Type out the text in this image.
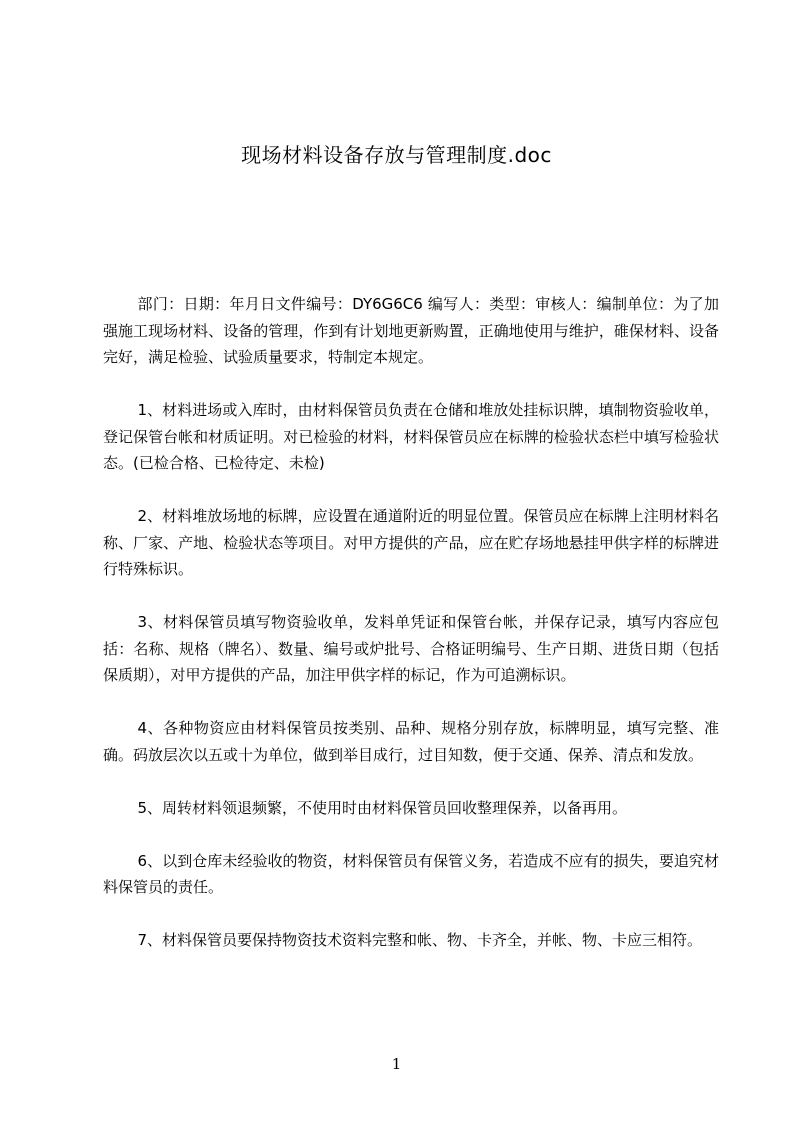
现场材料设备存放与管理制度.doc

部门：日期：年月日文件编号：DY6G6C6 编写人：类型：审核人：编制单位：为了加强施工现场材料、设备的管理，作到有计划地更新购置，正确地使用与维护，碓保材料、设备完好，满足检验、试验质量要求，特制定本规定。

1、材料进场或入库时，由材料保管员负责在仓储和堆放处挂标识牌，填制物资验收单，登记保管台帐和材质证明。对已检验的材料，材料保管员应在标牌的检验状态栏中填写检验状态。(已检合格、已检待定、未检)

2、材料堆放场地的标牌，应设置在通道附近的明显位置。保管员应在标牌上注明材料名称、厂家、产地、检验状态等项目。对甲方提供的产品，应在贮存场地悬挂甲供字样的标牌进行特殊标识。

3、材料保管员填写物资验收单，发料单凭证和保管台帐，并保存记录，填写内容应包括：名称、规格（牌名）、数量、编号或炉批号、合格证明编号、生产日期、进货日期（包括保质期），对甲方提供的产品，加注甲供字样的标记，作为可追溯标识。

4、各种物资应由材料保管员按类别、品种、规格分别存放，标牌明显，填写完整、准确。码放层次以五或十为单位，做到举目成行，过目知数，便于交通、保养、清点和发放。

5、周转材料领退频繁，不使用时由材料保管员回收整理保养，以备再用。

6、以到仓库未经验收的物资，材料保管员有保管义务，若造成不应有的损失，要追究材料保管员的责任。

7、材料保管员要保持物资技术资料完整和帐、物、卡齐全，并帐、物、卡应三相符。

1
